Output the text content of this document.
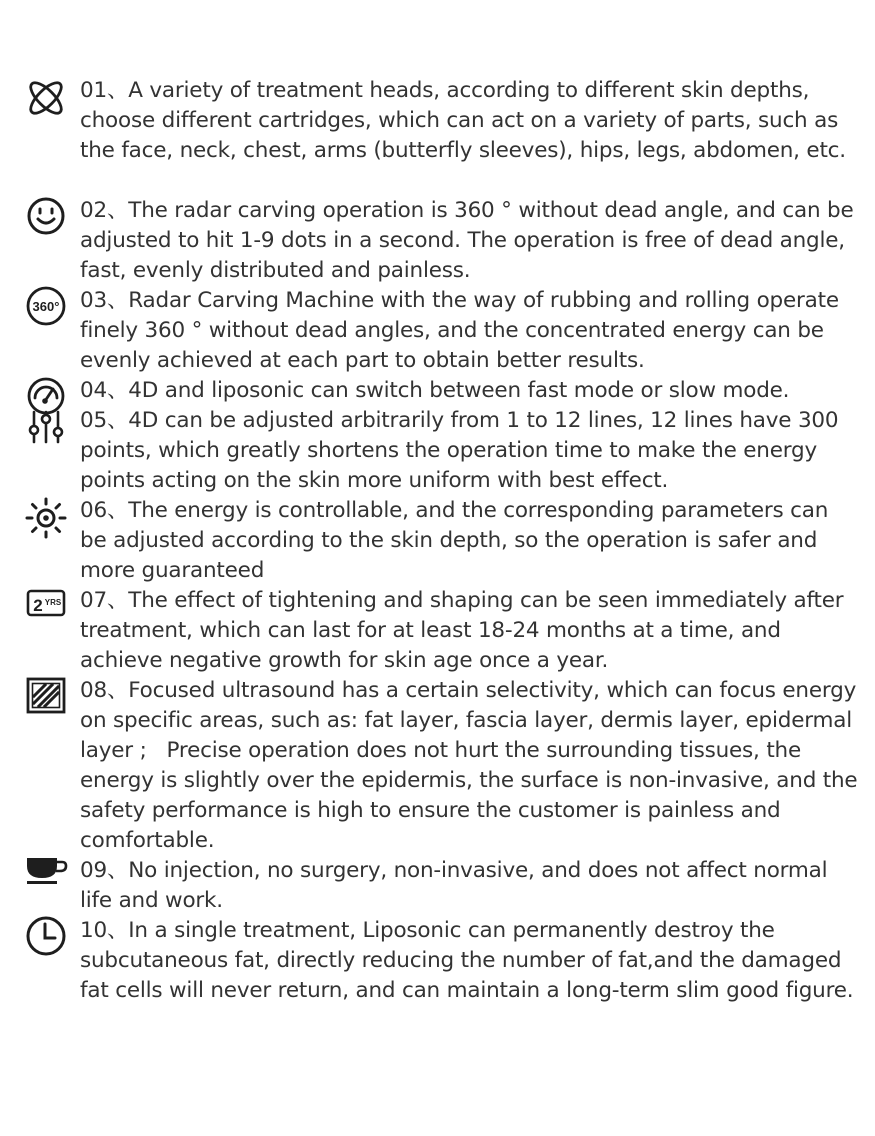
01、A variety of treatment heads, according to different skin depths, choose different cartridges, which can act on a variety of parts, such as the face, neck, chest, arms (butterfly sleeves), hips, legs, abdomen, etc.

02、The radar carving operation is 360 ° without dead angle, and can be adjusted to hit 1-9 dots in a second. The operation is free of dead angle, fast, evenly distributed and painless.

360° 03、Radar Carving Machine with the way of rubbing and rolling operate finely 360 ° without dead angles, and the concentrated energy can be evenly achieved at each part to obtain better results.

04、4D and liposonic can switch between fast mode or slow mode.

05、4D can be adjusted arbitrarily from 1 to 12 lines, 12 lines have 300 points, which greatly shortens the operation time to make the energy points acting on the skin more uniform with best effect.

06、The energy is controllable, and the corresponding parameters can be adjusted according to the skin depth, so the operation is safer and more guaranteed

2 YRS 07、The effect of tightening and shaping can be seen immediately after treatment, which can last for at least 18-24 months at a time, and achieve negative growth for skin age once a year.

08、Focused ultrasound has a certain selectivity, which can focus energy on specific areas, such as: fat layer, fascia layer, dermis layer, epidermal layer ;   Precise operation does not hurt the surrounding tissues, the energy is slightly over the epidermis, the surface is non-invasive, and the safety performance is high to ensure the customer is painless and comfortable.

09、No injection, no surgery, non-invasive, and does not affect normal life and work.

10、In a single treatment, Liposonic can permanently destroy the subcutaneous fat, directly reducing the number of fat,and the damaged fat cells will never return, and can maintain a long-term slim good figure.
